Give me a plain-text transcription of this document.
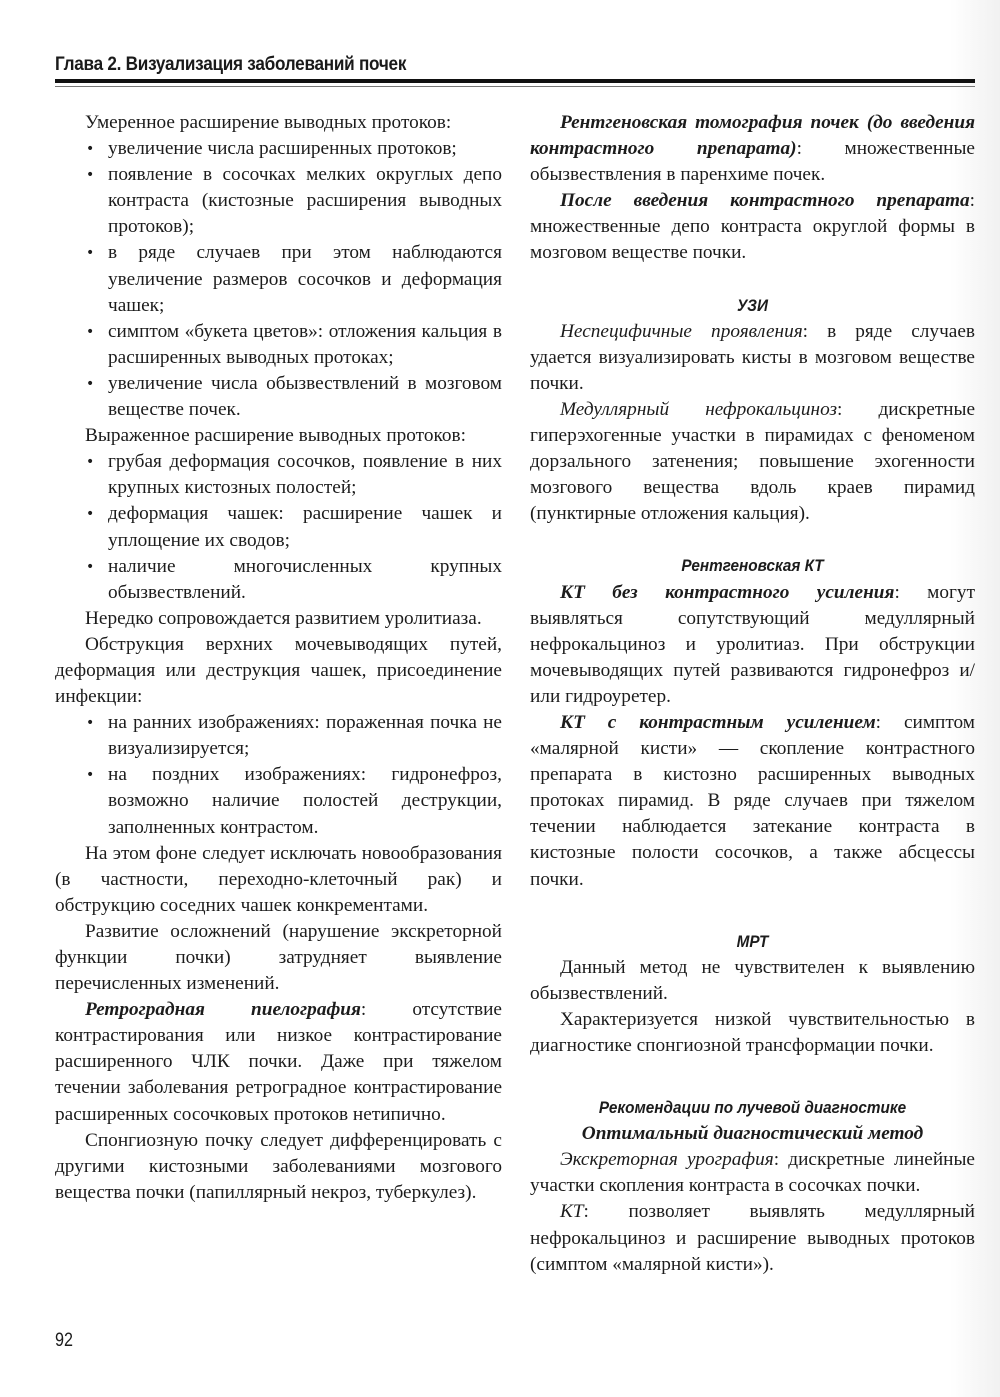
Глава 2. Визуализация заболеваний почек

Умеренное расширение выводных протоков:

• увеличение числа расширенных протоков;
• появление в сосочках мелких округлых депо контраста (кистозные расширения выводных протоков);
• в ряде случаев при этом наблюдаются увеличение размеров сосочков и деформация чашек;
• симптом «букета цветов»: отложения кальция в расширенных выводных протоках;
• увеличение числа обызвествлений в мозговом веществе почек.

Выраженное расширение выводных протоков:

• грубая деформация сосочков, появление в них крупных кистозных полостей;
• деформация чашек: расширение чашек и уплощение их сводов;
• наличие многочисленных крупных обызвествлений.

Нередко сопровождается развитием уролитиаза.

Обструкция верхних мочевыводящих путей, деформация или деструкция чашек, присоединение инфекции:

• на ранних изображениях: пораженная почка не визуализируется;
• на поздних изображениях: гидронефроз, возможно наличие полостей деструкции, заполненных контрастом.

На этом фоне следует исключать новообразования (в частности, переходно-клеточный рак) и обструкцию соседних чашек конкрементами.

Развитие осложнений (нарушение экскреторной функции почки) затрудняет выявление перечисленных изменений.

Ретроградная пиелография: отсутствие контрастирования или низкое контрастирование расширенного ЧЛК почки. Даже при тяжелом течении заболевания ретроградное контрастирование расширенных сосочковых протоков нетипично.

Спонгиозную почку следует дифференцировать с другими кистозными заболеваниями мозгового вещества почки (папиллярный некроз, туберкулез).

Рентгеновская томография почек (до введения контрастного препарата): множественные обызвествления в паренхиме почек.

После введения контрастного препарата: множественные депо контраста округлой формы в мозговом веществе почки.

УЗИ

Неспецифичные проявления: в ряде случаев удается визуализировать кисты в мозговом веществе почки.

Медуллярный нефрокальциноз: дискретные гиперэхогенные участки в пирамидах с феноменом дорзального затенения; повышение эхогенности мозгового вещества вдоль краев пирамид (пунктирные отложения кальция).

Рентгеновская КТ

КТ без контрастного усиления: могут выявляться сопутствующий медуллярный нефрокальциноз и уролитиаз. При обструкции мочевыводящих путей развиваются гидронефроз и/или гидроуретер.

КТ с контрастным усилением: симптом «малярной кисти» — скопление контрастного препарата в кистозно расширенных выводных протоках пирамид. В ряде случаев при тяжелом течении наблюдается затекание контраста в кистозные полости сосочков, а также абсцессы почки.

МРТ

Данный метод не чувствителен к выявлению обызвествлений.

Характеризуется низкой чувствительностью в диагностике спонгиозной трансформации почки.

Рекомендации по лучевой диагностике

Оптимальный диагностический метод

Экскреторная урография: дискретные линейные участки скопления контраста в сосочках почки.

КТ: позволяет выявлять медуллярный нефрокальциноз и расширение выводных протоков (симптом «малярной кисти»).

92
